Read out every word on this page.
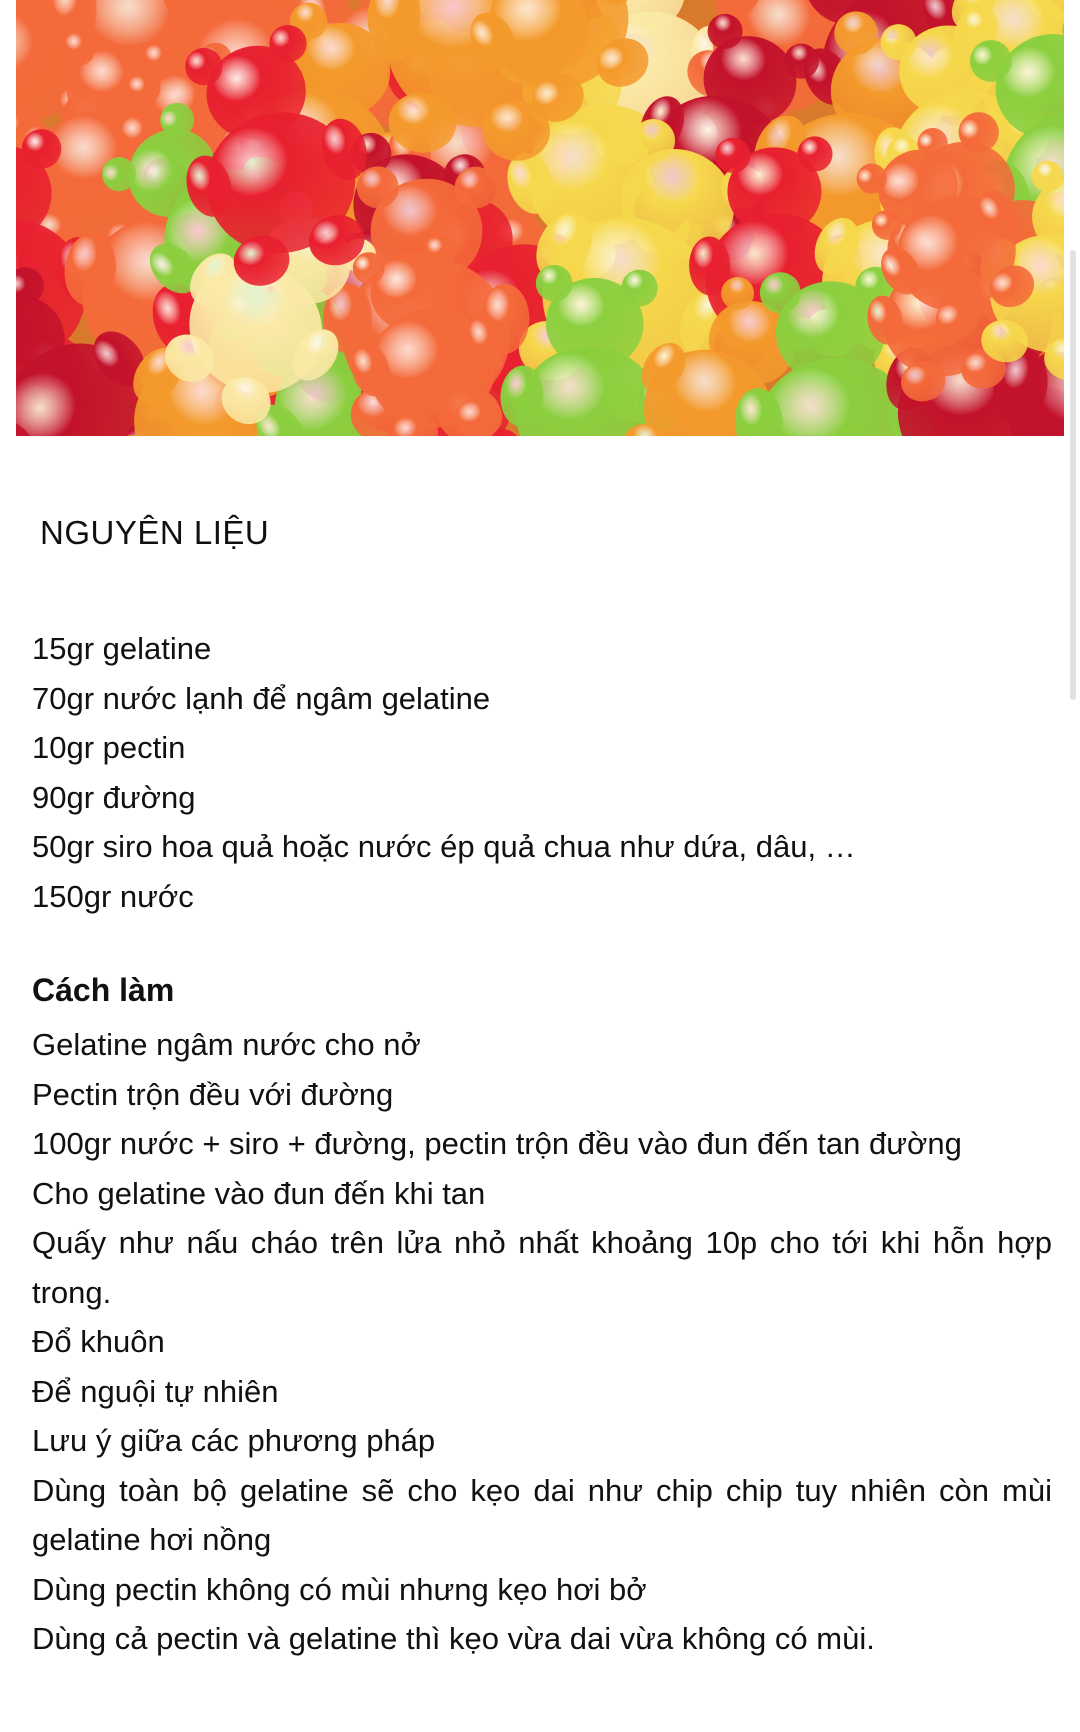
NGUYÊN LIỆU
15gr gelatine
70gr nước lạnh để ngâm gelatine
10gr pectin
90gr đường
50gr siro hoa quả hoặc nước ép quả chua như dứa, dâu, …
150gr nước
Cách làm
Gelatine ngâm nước cho nở
Pectin trộn đều với đường
100gr nước + siro + đường, pectin trộn đều vào đun đến tan đường
Cho gelatine vào đun đến khi tan
Quấy như nấu cháo trên lửa nhỏ nhất khoảng 10p cho tới khi hỗn hợp trong.
Đổ khuôn
Để nguội tự nhiên
Lưu ý giữa các phương pháp
Dùng toàn bộ gelatine sẽ cho kẹo dai như chip chip tuy nhiên còn mùi gelatine hơi nồng
Dùng pectin không có mùi nhưng kẹo hơi bở
Dùng cả pectin và gelatine thì kẹo vừa dai vừa không có mùi.
